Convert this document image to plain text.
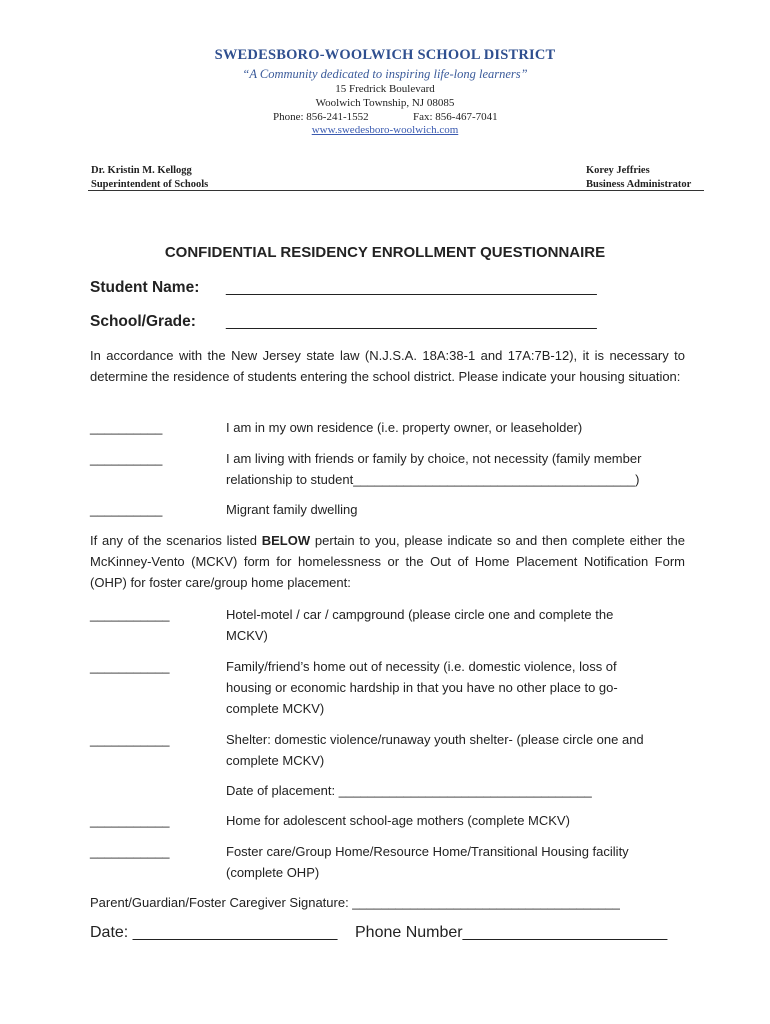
SWEDESBORO-WOOLWICH SCHOOL DISTRICT
“A Community dedicated to inspiring life-long learners”
15 Fredrick Boulevard
Woolwich Township, NJ 08085
Phone: 856-241-1552	Fax: 856-467-7041
www.swedesboro-woolwich.com
Dr. Kristin M. Kellogg
Superintendent of Schools
Korey Jeffries
Business Administrator
CONFIDENTIAL RESIDENCY ENROLLMENT QUESTIONNAIRE
Student Name: ____________________________________________
School/Grade: ____________________________________________
In accordance with the New Jersey state law (N.J.S.A. 18A:38-1 and 17A:7B-12), it is necessary to determine the residence of students entering the school district. Please indicate your housing situation:
__________	I am in my own residence (i.e. property owner, or leaseholder)
__________	I am living with friends or family by choice, not necessity (family member
relationship to student_______________________________________)
__________	Migrant family dwelling
If any of the scenarios listed BELOW pertain to you, please indicate so and then complete either the McKinney-Vento (MCKV) form for homelessness or the Out of Home Placement Notification Form (OHP) for foster care/group home placement:
___________	Hotel-motel / car / campground (please circle one and complete the
MCKV)
___________	Family/friend’s home out of necessity (i.e. domestic violence, loss of
housing or economic hardship in that you have no other place to go-
complete MCKV)
___________	Shelter: domestic violence/runaway youth shelter- (please circle one and
complete MCKV)
Date of placement: ___________________________________
___________	Home for adolescent school-age mothers (complete MCKV)
___________	Foster care/Group Home/Resource Home/Transitional Housing facility
(complete OHP)
Parent/Guardian/Foster Caregiver Signature: _____________________________________
Date: _______________________ Phone Number_______________________
